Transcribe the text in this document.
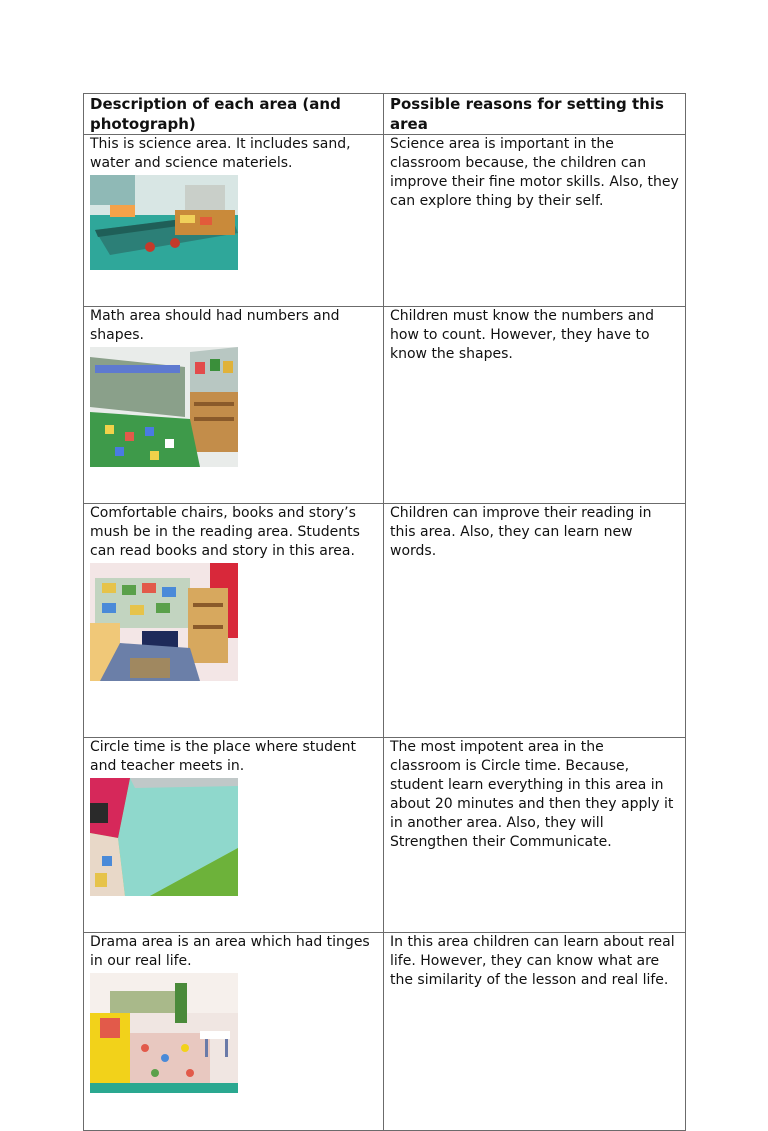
Description of each area (and photograph)	Possible reasons for setting this area

This is science area. It includes sand, water and science materiels.	Science area is important in the classroom because, the children can improve their fine motor skills. Also, they can explore thing by their self.

Math area should had numbers and shapes.	Children must know the numbers and how to count. However, they have to know the shapes.

Comfortable chairs, books and story’s mush be in the reading area. Students can read books and story in this area.	Children can improve their reading in this area. Also, they can learn new words.

Circle time is the place where student and teacher meets in.	The most impotent area in the classroom is Circle time. Because, student learn everything in this area in about 20 minutes and then they apply it in another area. Also, they will Strengthen their Communicate.

Drama area is an area which had tinges in our real life.	In this area children can learn about real life. However, they can know what are the similarity of the lesson and real life.
